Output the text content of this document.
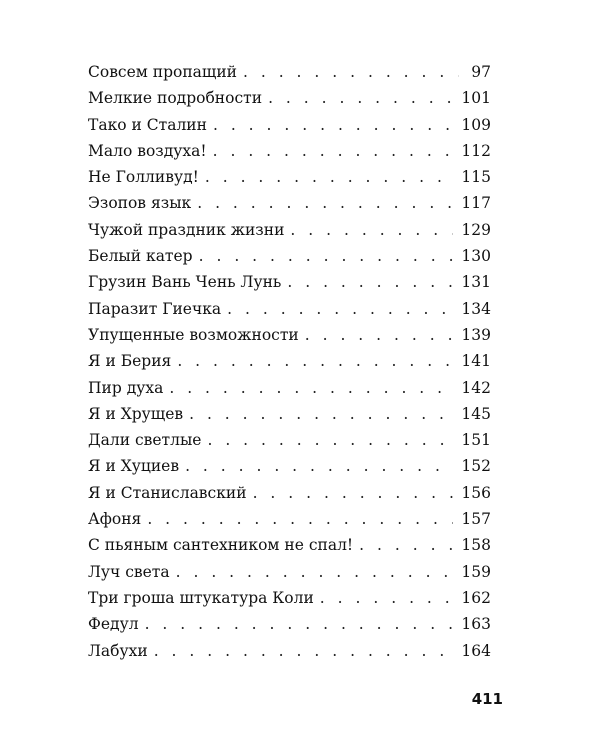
Совсем пропащий . . .	97
Мелкие подробности . . .	101
Тако и Сталин . . .	109
Мало воздуха! . . .	112
Не Голливуд! . . .	115
Эзопов язык . . .	117
Чужой праздник жизни . . .	129
Белый катер . . .	130
Грузин Вань Чень Лунь . . .	131
Паразит Гиечка . . .	134
Упущенные возможности . . .	139
Я и Берия . . .	141
Пир духа . . .	142
Я и Хрущев . . .	145
Дали светлые . . .	151
Я и Хуциев . . .	152
Я и Станиславский . . .	156
Афоня . . .	157
С пьяным сантехником не спал! . . .	158
Луч света . . .	159
Три гроша штукатура Коли . . .	162
Федул . . .	163
Лабухи . . .	164
411
